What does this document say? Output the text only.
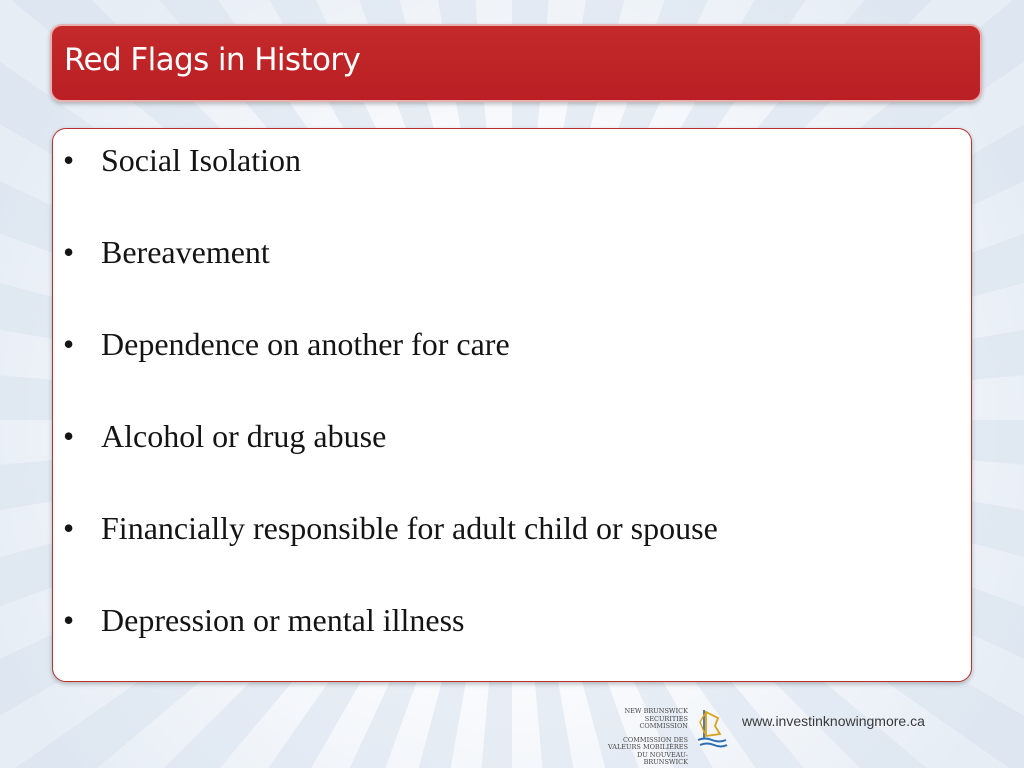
Red Flags in History
• Social Isolation
• Bereavement
• Dependence on another for care
• Alcohol or drug abuse
• Financially responsible for adult child or spouse
• Depression or mental illness
NEW BRUNSWICK
SECURITIES COMMISSION
COMMISSION DES
VALEURS MOBILIÈRES
DU NOUVEAU-BRUNSWICK
www.investinknowingmore.ca
